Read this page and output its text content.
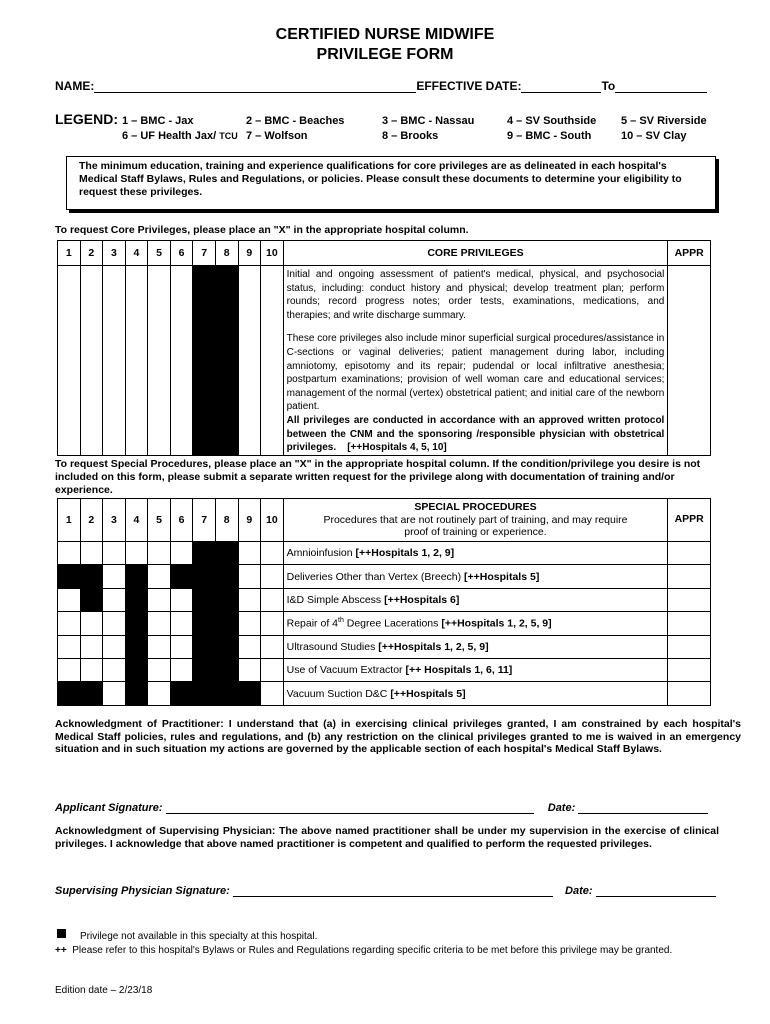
CERTIFIED NURSE MIDWIFE
PRIVILEGE FORM
NAME:	EFFECTIVE DATE:	To
LEGEND: 1 – BMC - Jax	2 – BMC - Beaches	3 – BMC - Nassau	4 – SV Southside 5 – SV Riverside
6 – UF Health Jax/ TCU 7 – Wolfson	8 – Brooks	9 – BMC - South	10 – SV Clay
The minimum education, training and experience qualifications for core privileges are as delineated in each hospital's Medical Staff Bylaws, Rules and Regulations, or policies. Please consult these documents to determine your eligibility to request these privileges.
To request Core Privileges, please place an "X" in the appropriate hospital column.
1	2	3	4	5	6	7	8	9	10	CORE PRIVILEGES	APPR

										Initial and ongoing assessment of patient's medical, physical, and psychosocial status, including: conduct history and physical; develop treatment plan; perform rounds; record progress notes; order tests, examinations, medications, and therapies; and write discharge summary.
These core privileges also include minor superficial surgical procedures/assistance in C-sections or vaginal deliveries; patient management during labor, including amniotomy, episotomy and its repair; pudendal or local infiltrative anesthesia; postpartum examinations; provision of well woman care and educational services; management of the normal (vertex) obstetrical patient; and initial care of the newborn patient.
All privileges are conducted in accordance with an approved written protocol between the CNM and the sponsoring /responsible physician with obstetrical privileges. [++Hospitals 4, 5, 10]	

To request Special Procedures, please place an "X" in the appropriate hospital column. If the condition/privilege you desire is not included on this form, please submit a separate written request for the privilege along with documentation of training and/or experience.
1	2	3	4	5	6	7	8	9	10	SPECIAL PROCEDURES
Procedures that are not routinely part of training, and may require proof of training or experience.	APPR
										Amnioinfusion [++Hospitals 1, 2, 9]	
										Deliveries Other than Vertex (Breech) [++Hospitals 5]	
										I&D Simple Abscess [++Hospitals 6]	
										Repair of 4th Degree Lacerations [++Hospitals 1, 2, 5, 9]	
										Ultrasound Studies [++Hospitals 1, 2, 5, 9]	
										Use of Vacuum Extractor [++ Hospitals 1, 6, 11]	
										Vacuum Suction D&C [++Hospitals 5]	
Acknowledgment of Practitioner: I understand that (a) in exercising clinical privileges granted, I am constrained by each hospital's Medical Staff policies, rules and regulations, and (b) any restriction on the clinical privileges granted to me is waived in an emergency situation and in such situation my actions are governed by the applicable section of each hospital's Medical Staff Bylaws.
Applicant Signature:	Date:
Acknowledgment of Supervising Physician: The above named practitioner shall be under my supervision in the exercise of clinical privileges. I acknowledge that above named practitioner is competent and qualified to perform the requested privileges.
Supervising Physician Signature:	Date:
Privilege not available in this specialty at this hospital.
++ Please refer to this hospital's Bylaws or Rules and Regulations regarding specific criteria to be met before this privilege may be granted.
Edition date – 2/23/18
